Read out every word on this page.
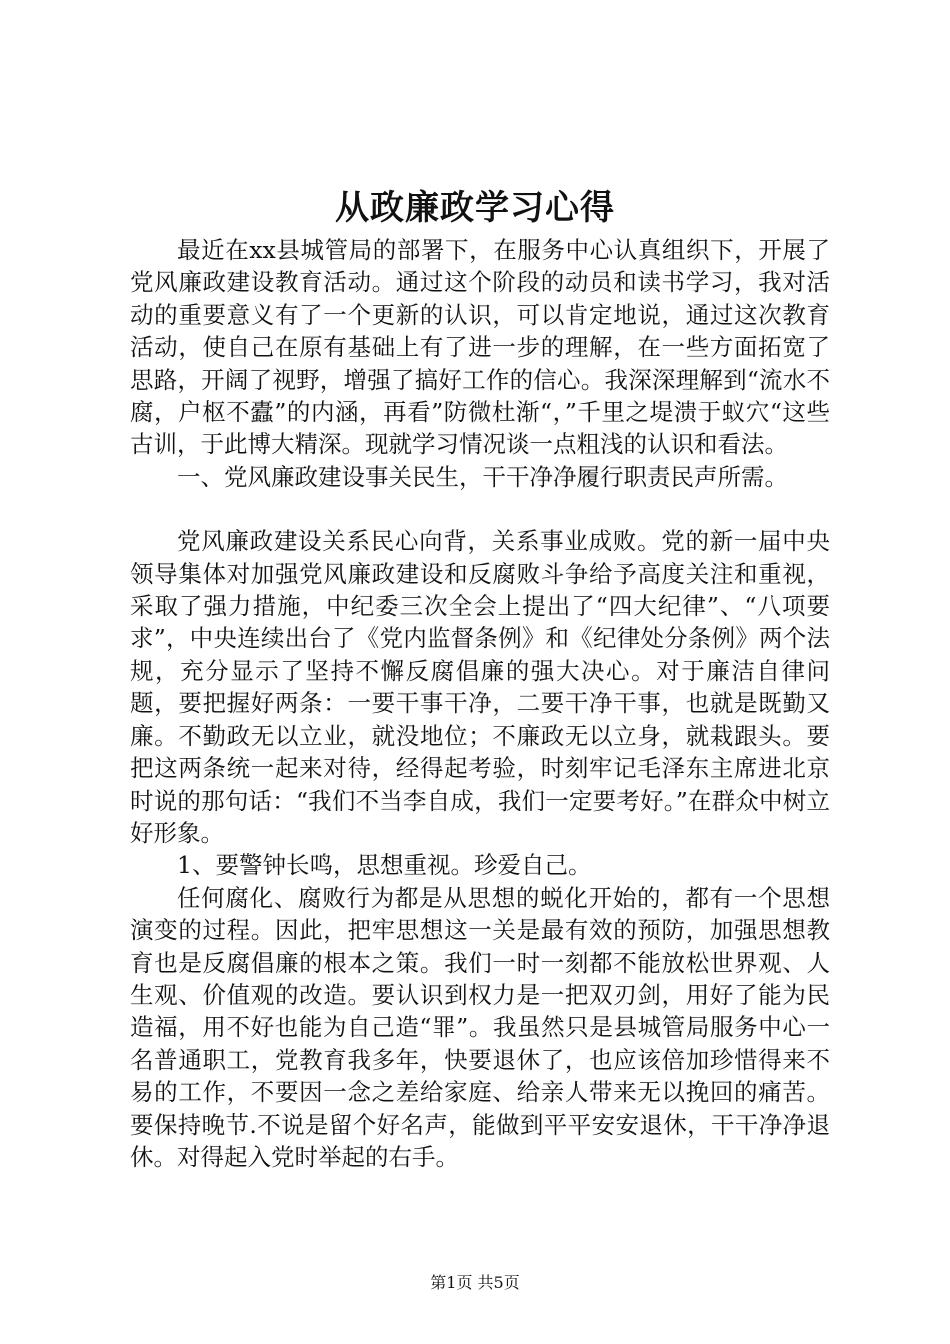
从政廉政学习心得

最近在xx县城管局的部署下，在服务中心认真组织下，开展了党风廉政建设教育活动。通过这个阶段的动员和读书学习，我对活动的重要意义有了一个更新的认识，可以肯定地说，通过这次教育活动，使自己在原有基础上有了进一步的理解，在一些方面拓宽了思路，开阔了视野，增强了搞好工作的信心。我深深理解到“流水不腐，户枢不蠹”的内涵，再看”防微杜渐“，”千里之堤溃于蚁穴“这些古训，于此博大精深。现就学习情况谈一点粗浅的认识和看法。

一、党风廉政建设事关民生，干干净净履行职责民声所需。

党风廉政建设关系民心向背，关系事业成败。党的新一届中央领导集体对加强党风廉政建设和反腐败斗争给予高度关注和重视，采取了强力措施，中纪委三次全会上提出了“四大纪律”、“八项要求”，中央连续出台了《党内监督条例》和《纪律处分条例》两个法规，充分显示了坚持不懈反腐倡廉的强大决心。对于廉洁自律问题，要把握好两条：一要干事干净，二要干净干事，也就是既勤又廉。不勤政无以立业，就没地位；不廉政无以立身，就栽跟头。要把这两条统一起来对待，经得起考验，时刻牢记毛泽东主席进北京时说的那句话：“我们不当李自成，我们一定要考好。”在群众中树立好形象。

1、要警钟长鸣，思想重视。珍爱自己。

任何腐化、腐败行为都是从思想的蜕化开始的，都有一个思想演变的过程。因此，把牢思想这一关是最有效的预防，加强思想教育也是反腐倡廉的根本之策。我们一时一刻都不能放松世界观、人生观、价值观的改造。要认识到权力是一把双刃剑，用好了能为民造福，用不好也能为自己造“罪”。我虽然只是县城管局服务中心一名普通职工，党教育我多年，快要退休了，也应该倍加珍惜得来不易的工作，不要因一念之差给家庭、给亲人带来无以挽回的痛苦。要保持晚节.不说是留个好名声，能做到平平安安退休，干干净净退休。对得起入党时举起的右手。

第1页 共5页
